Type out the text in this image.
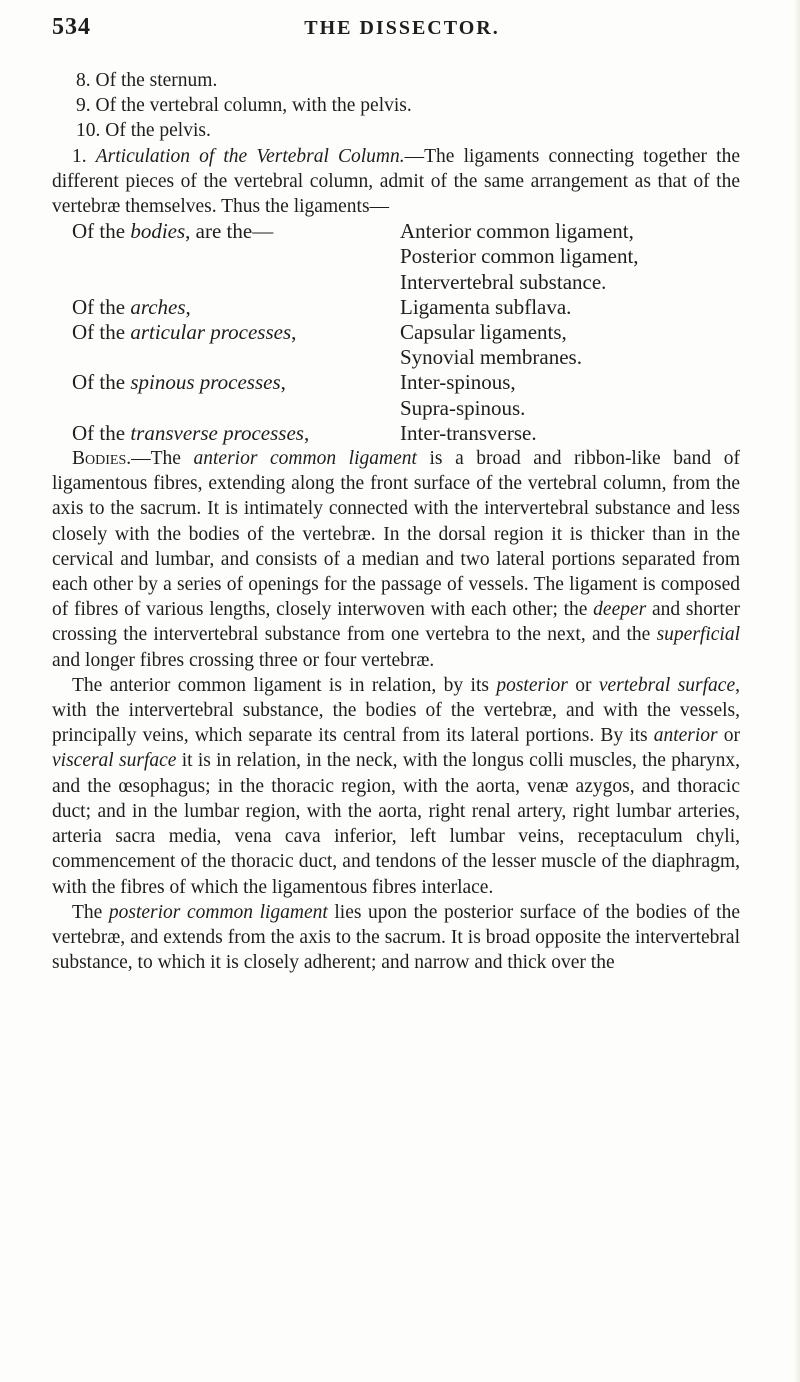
534	THE DISSECTOR.

8. Of the sternum.

9. Of the vertebral column, with the pelvis.

10. Of the pelvis.

1. Articulation of the Vertebral Column.—The ligaments connecting together the different pieces of the vertebral column, admit of the same arrangement as that of the vertebræ themselves. Thus the ligaments—

Of the bodies, are the—	Anterior common ligament,
Posterior common ligament,
Intervertebral substance.

Of the arches,	Ligamenta subflava.

Of the articular processes,	Capsular ligaments,
Synovial membranes.

Of the spinous processes,	Inter-spinous,
Supra-spinous.

Of the transverse processes,	Inter-transverse.

Bodies.—The anterior common ligament is a broad and ribbon-like band of ligamentous fibres, extending along the front surface of the vertebral column, from the axis to the sacrum. It is intimately connected with the intervertebral substance and less closely with the bodies of the vertebræ. In the dorsal region it is thicker than in the cervical and lumbar, and consists of a median and two lateral portions separated from each other by a series of openings for the passage of vessels. The ligament is composed of fibres of various lengths, closely interwoven with each other; the deeper and shorter crossing the intervertebral substance from one vertebra to the next, and the superficial and longer fibres crossing three or four vertebræ.

The anterior common ligament is in relation, by its posterior or vertebral surface, with the intervertebral substance, the bodies of the vertebræ, and with the vessels, principally veins, which separate its central from its lateral portions. By its anterior or visceral surface it is in relation, in the neck, with the longus colli muscles, the pharynx, and the œsophagus; in the thoracic region, with the aorta, venæ azygos, and thoracic duct; and in the lumbar region, with the aorta, right renal artery, right lumbar arteries, arteria sacra media, vena cava inferior, left lumbar veins, receptaculum chyli, commencement of the thoracic duct, and tendons of the lesser muscle of the diaphragm, with the fibres of which the ligamentous fibres interlace.

The posterior common ligament lies upon the posterior surface of the bodies of the vertebræ, and extends from the axis to the sacrum. It is broad opposite the intervertebral substance, to which it is closely adherent; and narrow and thick over the
